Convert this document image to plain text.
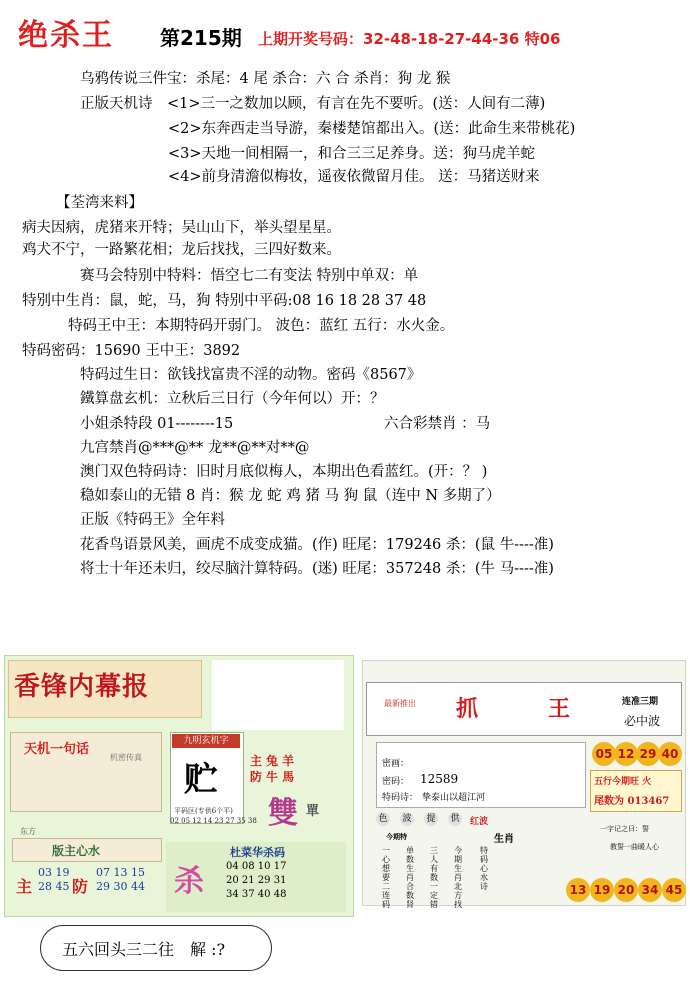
绝杀王 第215期 上期开奖号码：32-48-18-27-44-36 特06
乌鸦传说三件宝：杀尾：4 尾 杀合：六 合 杀肖：狗 龙 猴
正版天机诗　<1>三一之数加以顾，有言在先不要听。(送：人间有二薄)
<2>东奔西走当导游，秦楼楚馆都出入。(送：此命生来带桃花)
<3>天地一间相隔一，和合三三足养身。送：狗马虎羊蛇
<4>前身清澹似梅妆，遥夜依微留月佳。 送：马猪送财来
【荃湾来料】
病夫因病，虎猪来开特；吴山山下，举头望星星。
鸡犬不宁，一路繁花相；龙后找找，三四好数来。
赛马会特别中特料：悟空七二有变法 特别中单双：单
特别中生肖：鼠，蛇，马，狗 特别中平码:08 16 18 28 37 48
特码王中王：本期特码开弱门。 波色：蓝红 五行：水火金。
特码密码：15690 王中王：3892
特码过生日：欲钱找富贵不淫的动物。密码《8567》
鐵算盘玄机：立秋后三日行（今年何以）开：？
小姐杀特段 01--------15	六合彩禁肖 ：马
九宫禁肖@***@** 龙**@**对**@
澳门双色特码诗：旧时月底似梅人，本期出色看蓝红。(开：？ )
稳如泰山的无错 8 肖：猴 龙 蛇 鸡 猪 马 狗 鼠（连中 N 多期了）
正版《特码王》全年料
花香鸟语景风美，画虎不成变成猫。(作) 旺尾：179246 杀：(鼠 牛----准)
将士十年还未归，绞尽脑汁算特码。(迷) 旺尾：357248 杀：(牛 马----准)
香锋内幕报
天机一句话
机密传真
东方
版主心水
主
03 19
28 45 防
07 13 15
29 30 44
九明玄机字
贮	主 兔 羊
防 牛 馬
平码区(专供6个平)
02 05 12 14 23 27 35 38 雙 單
杀
杜菜华杀码
04 08 10 17
20 21 29 31
34 37 40 48
最新推出 抓	王	连准三期
必中波
密画：
密码： 12589
特码诗： 挚泰山以超江河
05 12 29 40
五行今期旺 火
尾数为 013467
色 波 提 供 红波
生肖
今期特
一心想要二连码
单数生肖合数肾
三人有数一定错
今期生肖北方找
特码心水诗
一字记之曰：誓
教誓一曲暖人心
13 19 20 34 45
五六回头三二往　解 :?
